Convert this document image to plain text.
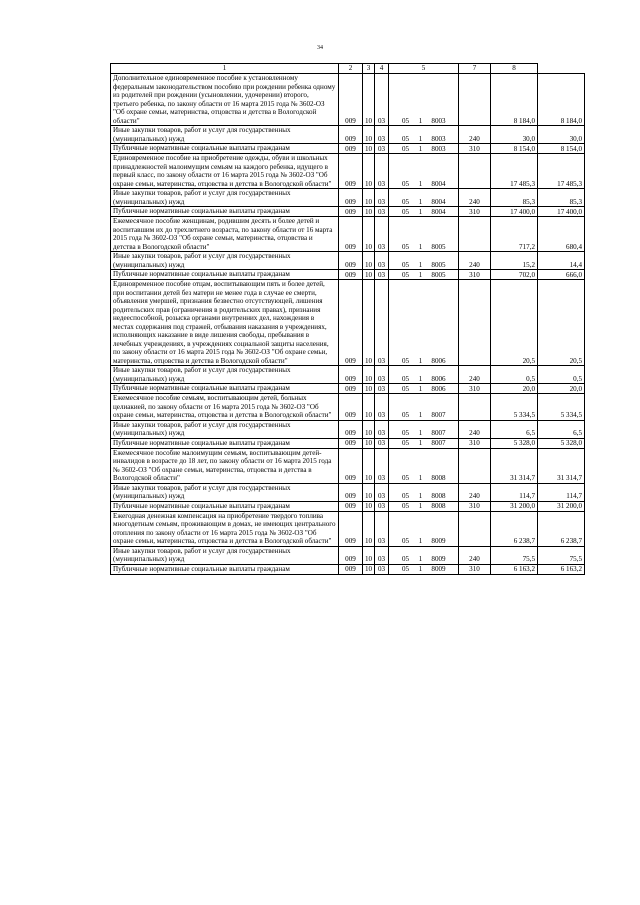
34
1	2	3	4	5		7	8	
Дополнительное единовременное пособие к установленному федеральным законодательством пособию при рождении ребенка одному из родителей при рождении (усыновлении, удочерении) второго, третьего ребенка, по закону области от 16 марта 2015 года № 3602-ОЗ "Об охране семьи, материнства, отцовства и детства в Вологодской области"	009	10	03	05 1 8003		8 184,0	8 184,0
Иные закупки товаров, работ и услуг для государственных (муниципальных) нужд	009	10	03	05 1 8003	240	30,0	30,0
Публичные нормативные социальные выплаты гражданам	009	10	03	05 1 8003	310	8 154,0	8 154,0
Единовременное пособие на приобретение одежды, обуви и школьных принадлежностей малоимущим семьям на каждого ребенка, идущего в первый класс, по закону области от 16 марта 2015 года № 3602-ОЗ "Об охране семьи, материнства, отцовства и детства в Вологодской области"	009	10	03	05 1 8004		17 485,3	17 485,3
Иные закупки товаров, работ и услуг для государственных (муниципальных) нужд	009	10	03	05 1 8004	240	85,3	85,3
Публичные нормативные социальные выплаты гражданам	009	10	03	05 1 8004	310	17 400,0	17 400,0
Ежемесячное пособие женщинам, родившим десять и более детей и воспитавшим их до трехлетнего возраста, по закону области от 16 марта 2015 года № 3602-ОЗ "Об охране семьи, материнства, отцовства и детства в Вологодской области"	009	10	03	05 1 8005		717,2	680,4
Иные закупки товаров, работ и услуг для государственных (муниципальных) нужд	009	10	03	05 1 8005	240	15,2	14,4
Публичные нормативные социальные выплаты гражданам	009	10	03	05 1 8005	310	702,0	666,0
Единовременное пособие отцам, воспитывающим пять и более детей, при воспитании детей без матери не менее года в случае ее смерти, объявления умершей, признания безвестно отсутствующей, лишения родительских прав (ограничения в родительских правах), признания недееспособной, розыска органами внутренних дел, нахождения в местах содержания под стражей, отбывания наказания в учреждениях, исполняющих наказание в виде лишения свободы, пребывания в лечебных учреждениях, в учреждениях социальной защиты населения, по закону области от 16 марта 2015 года № 3602-ОЗ "Об охране семьи, материнства, отцовства и детства в Вологодской области"	009	10	03	05 1 8006		20,5	20,5
Иные закупки товаров, работ и услуг для государственных (муниципальных) нужд	009	10	03	05 1 8006	240	0,5	0,5
Публичные нормативные социальные выплаты гражданам	009	10	03	05 1 8006	310	20,0	20,0
Ежемесячное пособие семьям, воспитывающим детей, больных целиакией, по закону области от 16 марта 2015 года № 3602-ОЗ "Об охране семьи, материнства, отцовства и детства в Вологодской области"	009	10	03	05 1 8007		5 334,5	5 334,5
Иные закупки товаров, работ и услуг для государственных (муниципальных) нужд	009	10	03	05 1 8007	240	6,5	6,5
Публичные нормативные социальные выплаты гражданам	009	10	03	05 1 8007	310	5 328,0	5 328,0
Ежемесячное пособие малоимущим семьям, воспитывающим детей-инвалидов в возрасте до 18 лет, по закону области от 16 марта 2015 года № 3602-ОЗ "Об охране семьи, материнства, отцовства и детства в Вологодской области"	009	10	03	05 1 8008		31 314,7	31 314,7
Иные закупки товаров, работ и услуг для государственных (муниципальных) нужд	009	10	03	05 1 8008	240	114,7	114,7
Публичные нормативные социальные выплаты гражданам	009	10	03	05 1 8008	310	31 200,0	31 200,0
Ежегодная денежная компенсация на приобретение твердого топлива многодетным семьям, проживающим в домах, не имеющих центрального отопления по закону области от 16 марта 2015 года № 3602-ОЗ "Об охране семьи, материнства, отцовства и детства в Вологодской области"	009	10	03	05 1 8009		6 238,7	6 238,7
Иные закупки товаров, работ и услуг для государственных (муниципальных) нужд	009	10	03	05 1 8009	240	75,5	75,5
Публичные нормативные социальные выплаты гражданам	009	10	03	05 1 8009	310	6 163,2	6 163,2
